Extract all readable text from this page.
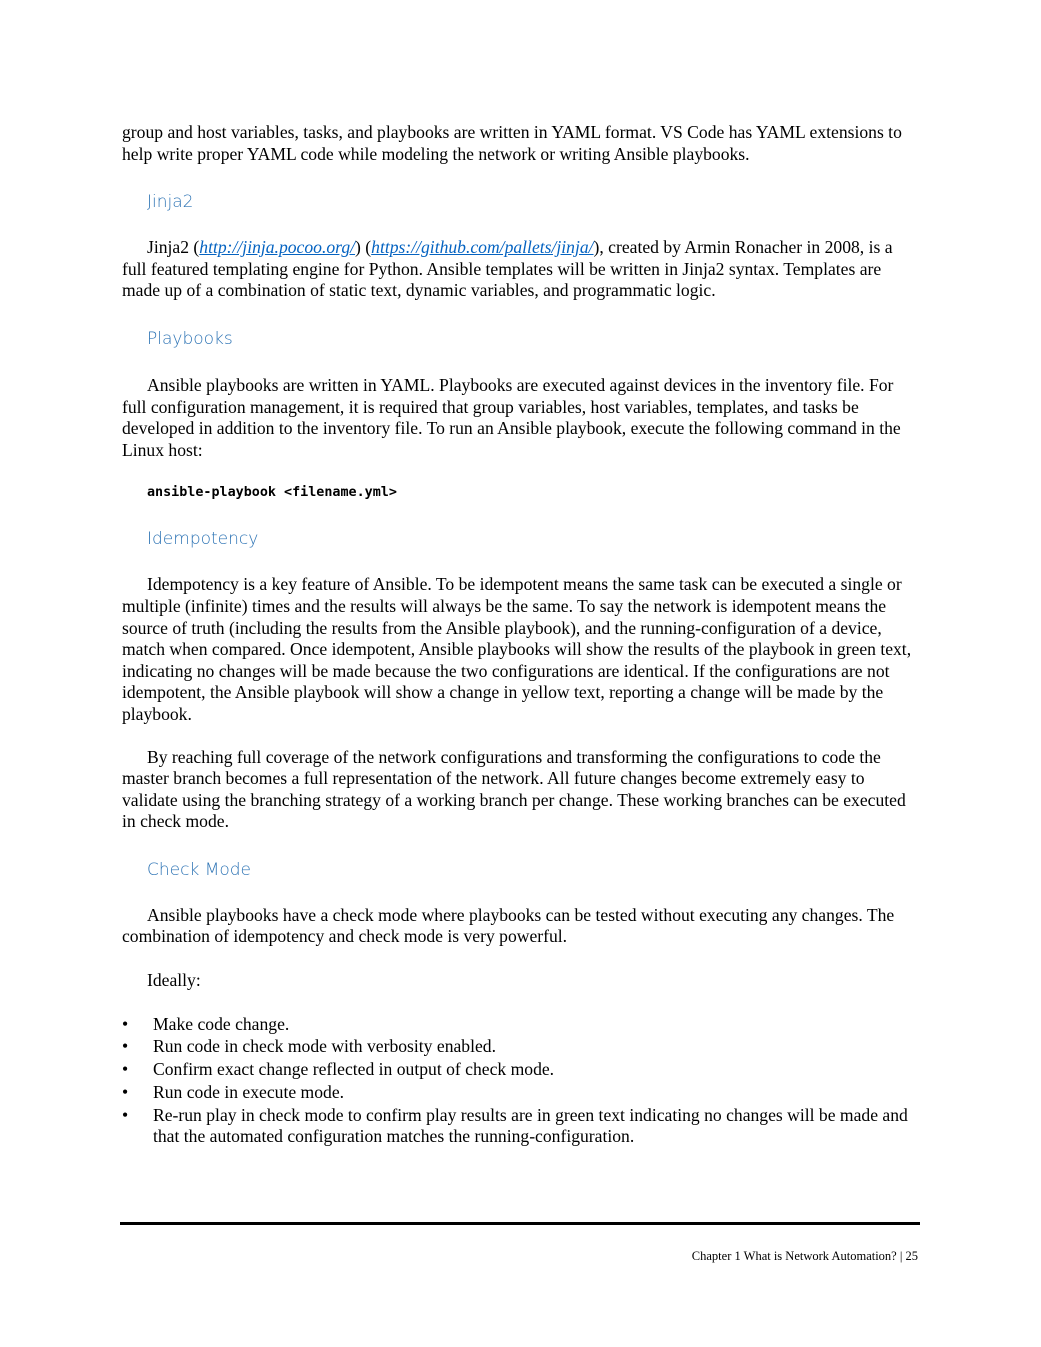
group and host variables, tasks, and playbooks are written in YAML format. VS Code has YAML extensions to help write proper YAML code while modeling the network or writing Ansible playbooks.

Jinja2

Jinja2 (http://jinja.pocoo.org/) (https://github.com/pallets/jinja/), created by Armin Ronacher in 2008, is a full featured templating engine for Python. Ansible templates will be written in Jinja2 syntax. Templates are made up of a combination of static text, dynamic variables, and programmatic logic.

Playbooks

Ansible playbooks are written in YAML. Playbooks are executed against devices in the inventory file. For full configuration management, it is required that group variables, host variables, templates, and tasks be developed in addition to the inventory file. To run an Ansible playbook, execute the following command in the Linux host:

ansible-playbook <filename.yml>
Idempotency

Idempotency is a key feature of Ansible. To be idempotent means the same task can be executed a single or multiple (infinite) times and the results will always be the same. To say the network is idempotent means the source of truth (including the results from the Ansible playbook), and the running-configuration of a device, match when compared. Once idempotent, Ansible playbooks will show the results of the playbook in green text, indicating no changes will be made because the two configurations are identical. If the configurations are not idempotent, the Ansible playbook will show a change in yellow text, reporting a change will be made by the playbook.

By reaching full coverage of the network configurations and transforming the configurations to code the master branch becomes a full representation of the network. All future changes become extremely easy to validate using the branching strategy of a working branch per change. These working branches can be executed in check mode.

Check Mode

Ansible playbooks have a check mode where playbooks can be tested without executing any changes. The combination of idempotency and check mode is very powerful.

Ideally:

•	Make code change.
•	Run code in check mode with verbosity enabled.
•	Confirm exact change reflected in output of check mode.
•	Run code in execute mode.
•	Re-run play in check mode to confirm play results are in green text indicating no changes will be made and that the automated configuration matches the running-configuration.
Chapter 1 What is Network Automation? | 25
